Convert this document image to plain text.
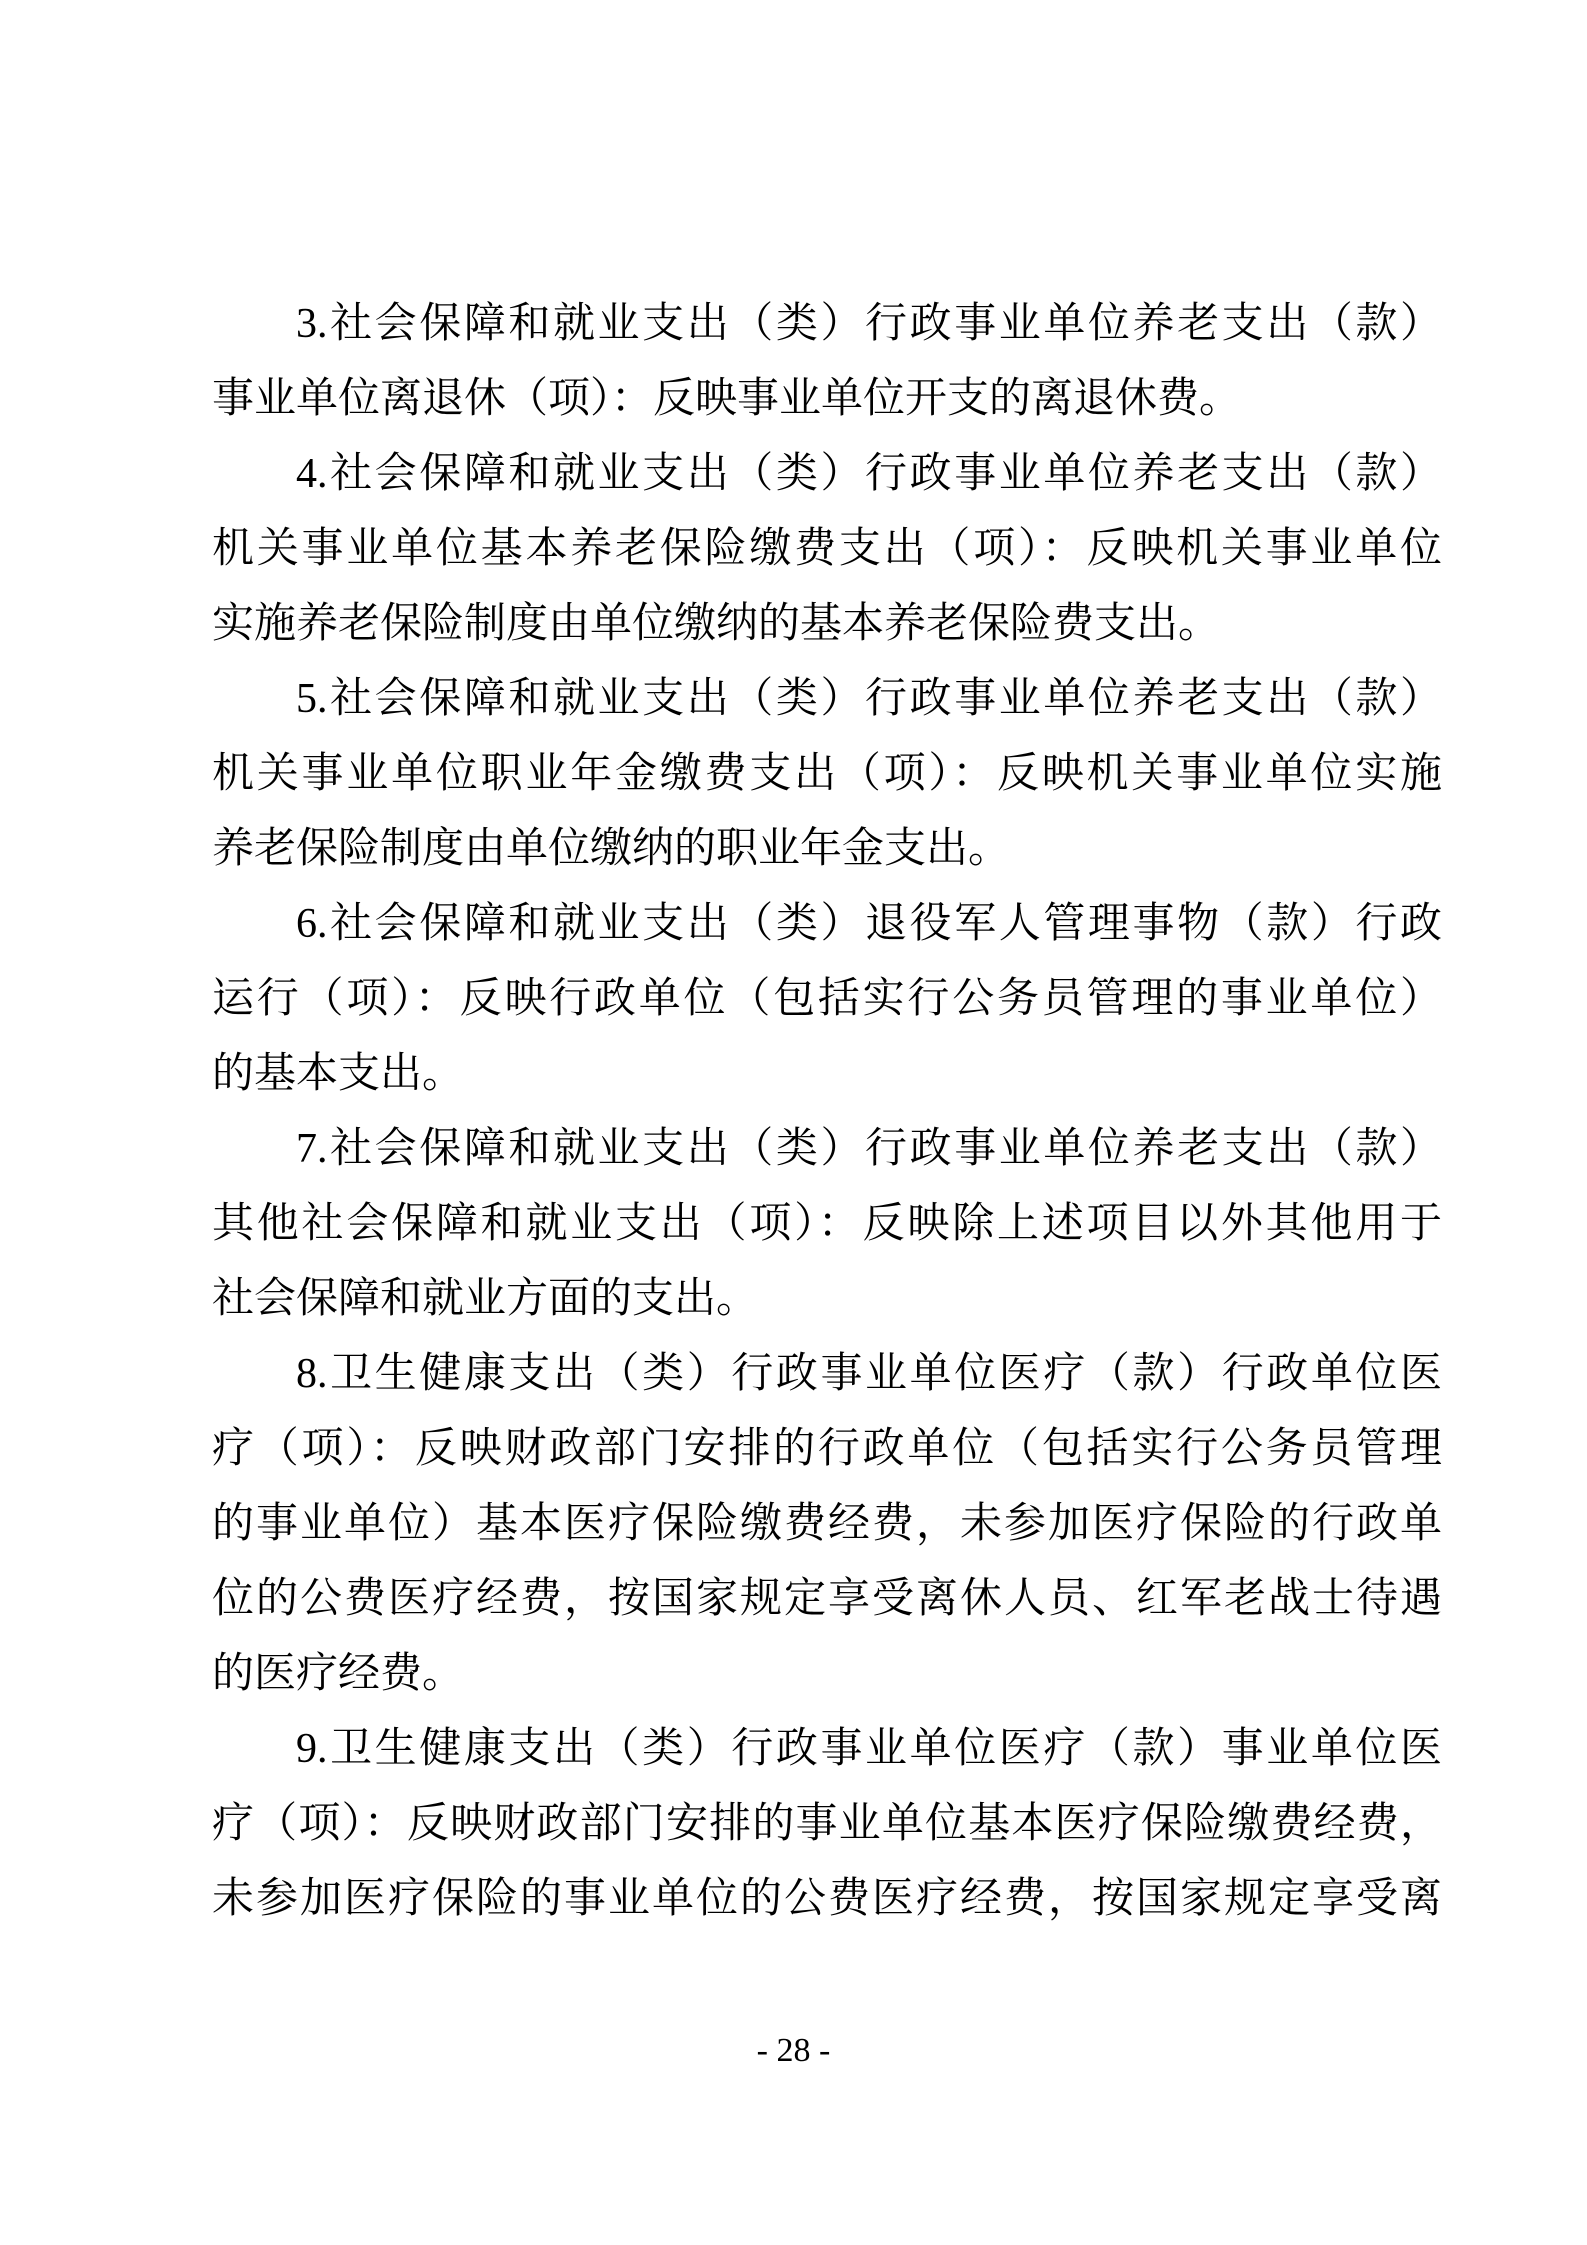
3.社会保障和就业支出（类）行政事业单位养老支出（款）
事业单位离退休（项）：反映事业单位开支的离退休费。
4.社会保障和就业支出（类）行政事业单位养老支出（款）
机关事业单位基本养老保险缴费支出（项）：反映机关事业单位
实施养老保险制度由单位缴纳的基本养老保险费支出。
5.社会保障和就业支出（类）行政事业单位养老支出（款）
机关事业单位职业年金缴费支出（项）：反映机关事业单位实施
养老保险制度由单位缴纳的职业年金支出。
6.社会保障和就业支出（类）退役军人管理事物（款）行政
运行（项）：反映行政单位（包括实行公务员管理的事业单位）
的基本支出。
7.社会保障和就业支出（类）行政事业单位养老支出（款）
其他社会保障和就业支出（项）：反映除上述项目以外其他用于
社会保障和就业方面的支出。
8.卫生健康支出（类）行政事业单位医疗（款）行政单位医
疗（项）：反映财政部门安排的行政单位（包括实行公务员管理
的事业单位）基本医疗保险缴费经费，未参加医疗保险的行政单
位的公费医疗经费，按国家规定享受离休人员、红军老战士待遇
的医疗经费。
9.卫生健康支出（类）行政事业单位医疗（款）事业单位医
疗（项）：反映财政部门安排的事业单位基本医疗保险缴费经费，
未参加医疗保险的事业单位的公费医疗经费，按国家规定享受离
- 28 -
